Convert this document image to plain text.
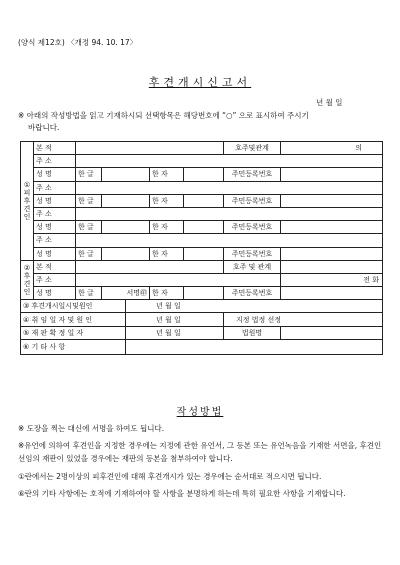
(양식 제12호) 〈개정 94. 10. 17〉
후견개시신고서
년 월 일
※ 아래의 작성방법을 읽고 기재하시되 선택항목은 해당번호에 “○” 으로 표시하여 주시기
바랍니다.
①
피
후
견
인	본 적						호주및관계	의
	주 소							
	성 명	한 글			한 자		주민등록번호	
	주 소							
	성 명	한 글			한 자		주민등록번호	
	주 소							
	성 명	한 글			한 자		주민등록번호	
	주 소							
	성 명	한 글			한 자		주민등록번호	

②
후
견
인	본 적						호주 및 관계	
	주 소							전 화
	성 명	한 글	서명㊞		한 자		주민등록번호	
③ 후견개시일시및원인				년 월 일				
④ 취 임 일 자 및 원 인				년 월 일			지정 법정 선정	
⑤ 재 판 확 정 일 자				년 월 일			법원명	
⑥ 기 타 사 항								
작성방법

※ 도장을 찍는 대신에 서명을 하여도 됩니다.

※유언에 의하여 후견인을 지정한 경우에는 지정에 관한 유언서, 그 등본 또는 유언녹음을 기재한 서면을, 후견인 선임의 재판이 있었을 경우에는 재판의 등본을 첨부하여야 합니다.

①란에서는 2명이상의 피후견인에 대해 후견개시가 있는 경우에는 순서대로 적으시면 됩니다.

⑥란의 기타 사항에는 호적에 기재하여야 할 사항을 분명하게 하는데 특히 필요한 사항을 기재합니다.
